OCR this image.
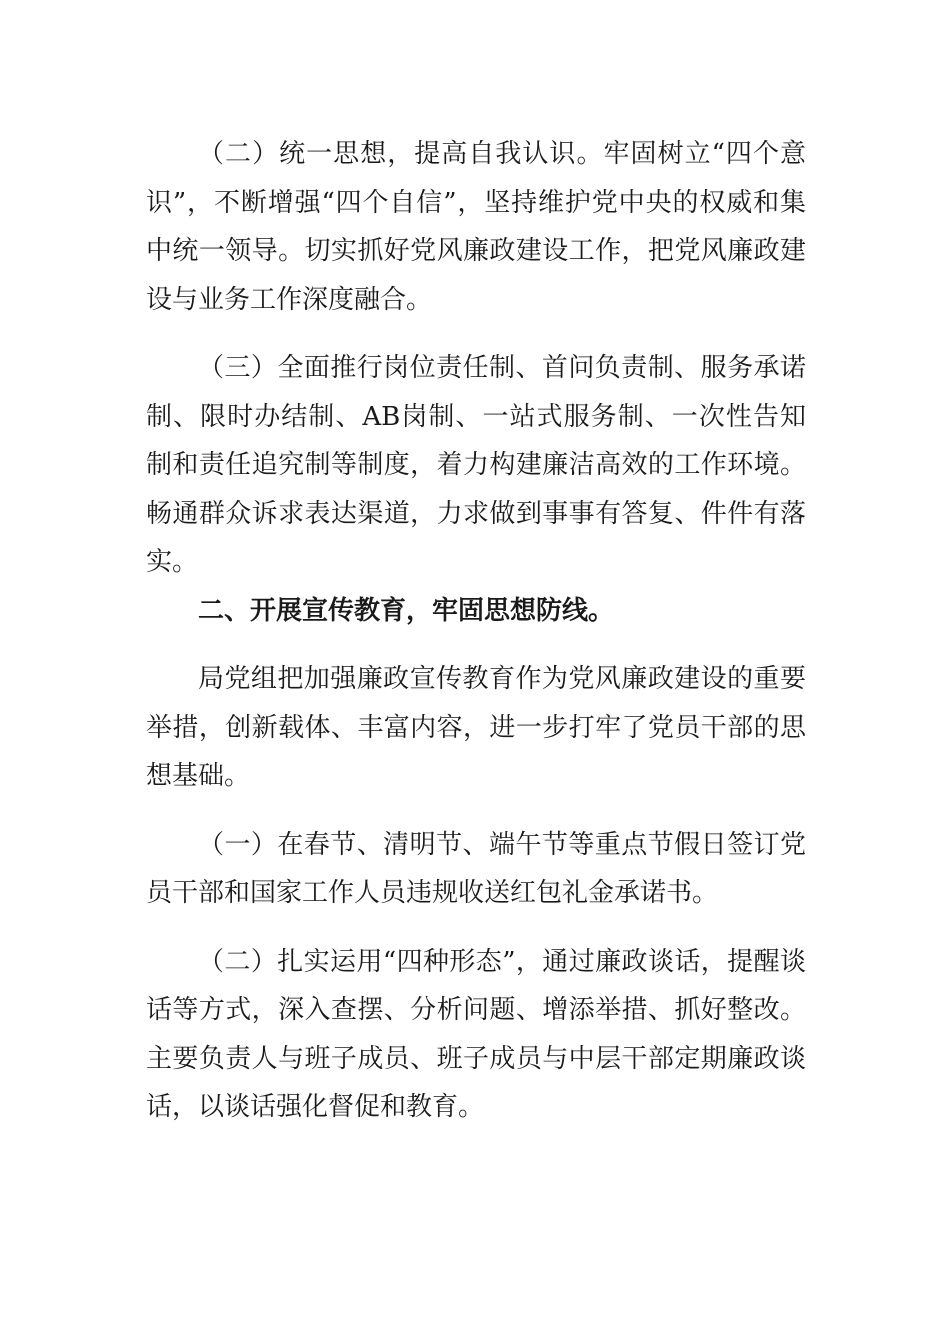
（二）统一思想，提高自我认识。牢固树立“四个意识”，不断增强“四个自信”，坚持维护党中央的权威和集中统一领导。切实抓好党风廉政建设工作，把党风廉政建设与业务工作深度融合。

（三）全面推行岗位责任制、首问负责制、服务承诺制、限时办结制、AB岗制、一站式服务制、一次性告知制和责任追究制等制度，着力构建廉洁高效的工作环境。畅通群众诉求表达渠道，力求做到事事有答复、件件有落实。

二、开展宣传教育，牢固思想防线。

局党组把加强廉政宣传教育作为党风廉政建设的重要举措，创新载体、丰富内容，进一步打牢了党员干部的思想基础。

（一）在春节、清明节、端午节等重点节假日签订党员干部和国家工作人员违规收送红包礼金承诺书。

（二）扎实运用“四种形态”，通过廉政谈话，提醒谈话等方式，深入查摆、分析问题、增添举措、抓好整改。主要负责人与班子成员、班子成员与中层干部定期廉政谈话，以谈话强化督促和教育。
